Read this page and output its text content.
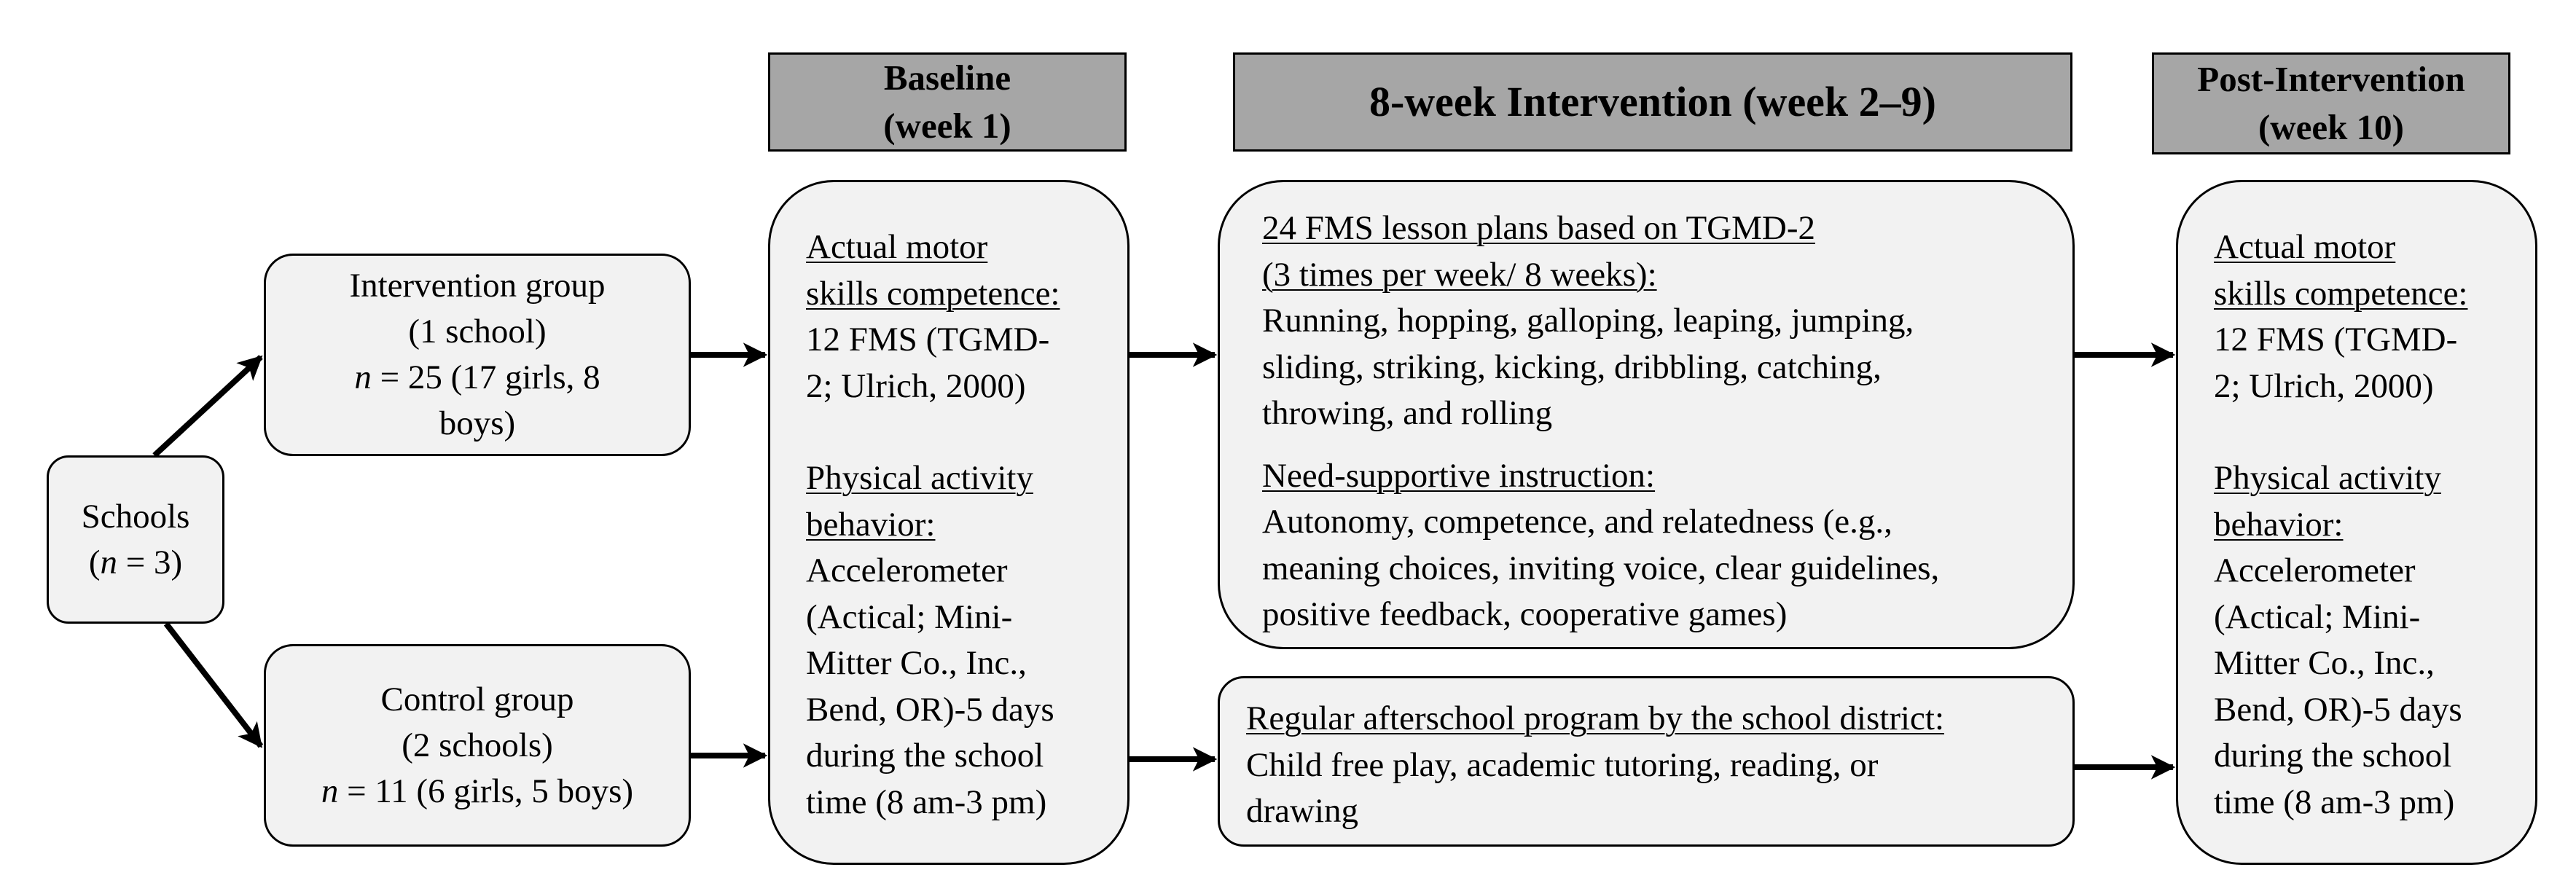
Baseline
(week 1)
8-week Intervention (week 2–9)	Post-Intervention
(week 10)
Schools
(n = 3)
Intervention group
(1 school)
n = 25 (17 girls, 8
boys)
Control group
(2 schools)
n = 11 (6 girls, 5 boys)
Actual motor
skills competence:
12 FMS (TGMD-
2; Ulrich, 2000)
Physical activity
behavior:
Accelerometer
(Actical; Mini-
Mitter Co., Inc.,
Bend, OR)-5 days
during the school
time (8 am-3 pm)
24 FMS lesson plans based on TGMD-2
(3 times per week/ 8 weeks):
Running, hopping, galloping, leaping, jumping,
sliding, striking, kicking, dribbling, catching,
throwing, and rolling
Need-supportive instruction:
Autonomy, competence, and relatedness (e.g.,
meaning choices, inviting voice, clear guidelines,
positive feedback, cooperative games)
Regular afterschool program by the school district:
Child free play, academic tutoring, reading, or
drawing
Actual motor
skills competence:
12 FMS (TGMD-
2; Ulrich, 2000)
Physical activity
behavior:
Accelerometer
(Actical; Mini-
Mitter Co., Inc.,
Bend, OR)-5 days
during the school
time (8 am-3 pm)
